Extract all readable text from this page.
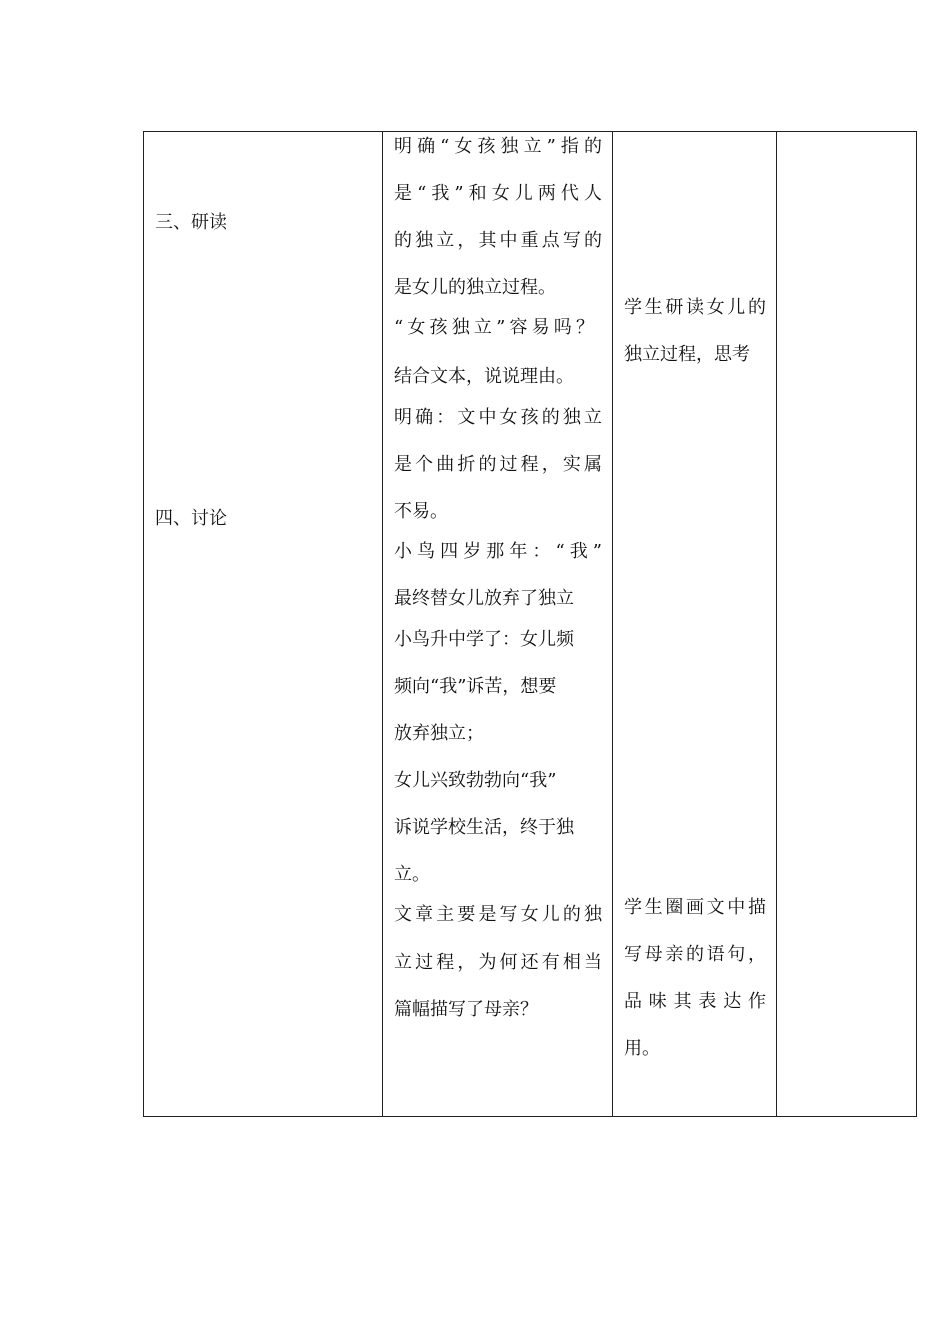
三、研读
四、讨论
明 确 “ 女 孩 独 立 ” 指 的
是 “ 我 ” 和 女 儿 两 代 人
的 独 立 ， 其 中 重 点 写 的
是女儿的独立过程。
“ 女 孩 独 立 ” 容 易 吗 ？
结合文本，说说理由。
明 确 ： 文 中 女 孩 的 独 立
是 个 曲 折 的 过 程 ， 实 属
不易。
小 鸟 四 岁 那 年 ： “ 我 ”
最终替女儿放弃了独立
小鸟升中学了：女儿频
频向“我”诉苦，想要
放弃独立；
女儿兴致勃勃向“我”
诉说学校生活，终于独
立。
文 章 主 要 是 写 女 儿 的 独
立 过 程 ， 为 何 还 有 相 当
篇幅描写了母亲？
学 生 研 读 女 儿 的
独立过程，思考
学 生 圈 画 文 中 描
写 母 亲 的 语 句 ，
品 味 其 表 达 作
用。
